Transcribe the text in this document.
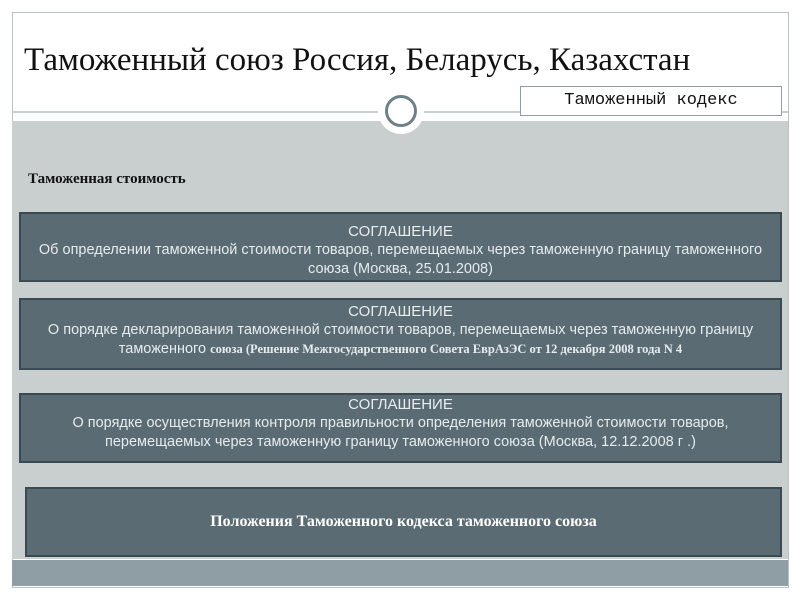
Таможенный союз Россия, Беларусь, Казахстан
Таможенный кодекс
Таможенная стоимость
СОГЛАШЕНИЕ
Об определении таможенной стоимости товаров, перемещаемых через таможенную границу таможенного союза (Москва, 25.01.2008)
СОГЛАШЕНИЕ
О порядке декларирования таможенной стоимости товаров, перемещаемых через таможенную границу таможенного союза (Решение Межгосударственного Совета ЕврАзЭС от 12 декабря 2008 года N 4
СОГЛАШЕНИЕ
О порядке осуществления контроля правильности определения таможенной стоимости товаров, перемещаемых через таможенную границу таможенного союза (Москва, 12.12.2008 г .)
Положения Таможенного кодекса таможенного союза
